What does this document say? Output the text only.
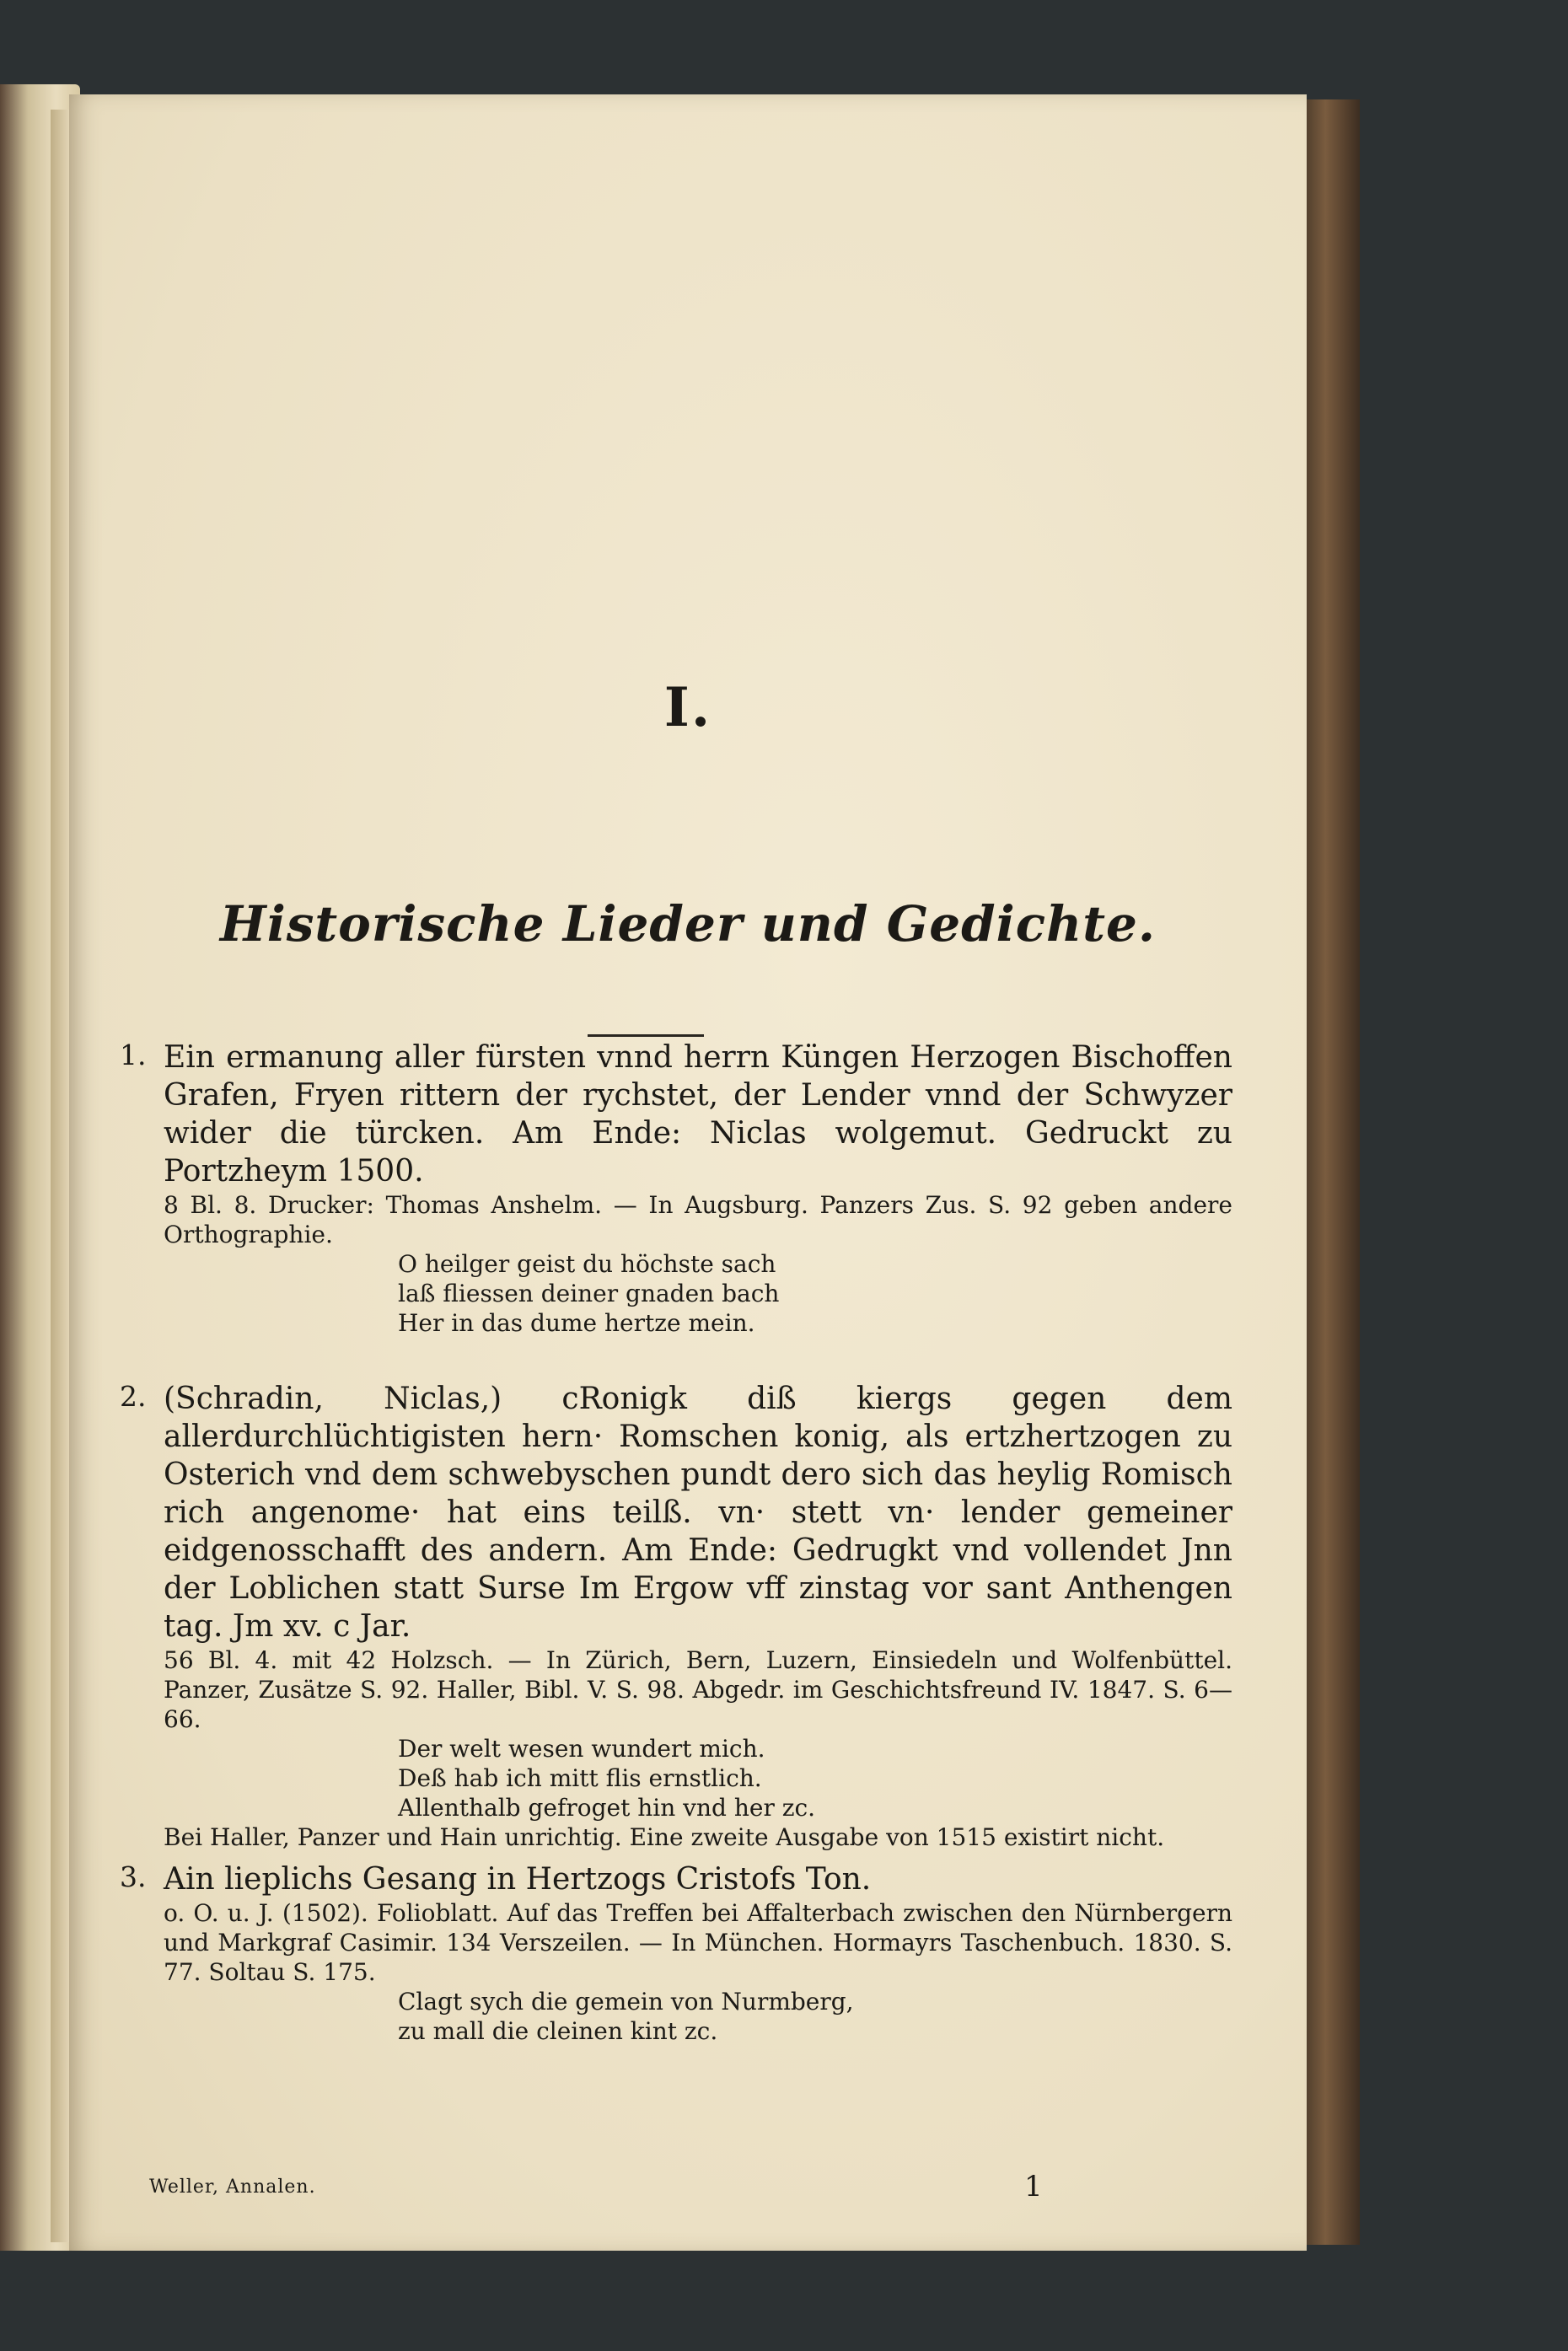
I.
Historische Lieder und Gedichte.
1. Ein ermanung aller fürsten vnnd herrn Küngen Herzogen Bischoffen Grafen, Fryen rittern der rychstet, der Lender vnnd der Schwyzer wider die türcken. Am Ende: Niclas wolgemut. Gedruckt zu Portzheym 1500.
8 Bl. 8. Drucker: Thomas Anshelm. — In Augsburg. Panzers Zus. S. 92 geben andere Orthographie.
O heilger geist du höchste sach
laß fliessen deiner gnaden bach
Her in das dume hertze mein.
2. (Schradin, Niclas,) cRonigk diß kiergs gegen dem allerdurchlüchtigisten hern· Romschen konig, als ertzhertzogen zu Osterich vnd dem schwebyschen pundt dero sich das heylig Romisch rich angenome· hat eins teilß. vn· stett vn· lender gemeiner eidgenosschafft des andern. Am Ende: Gedrugkt vnd vollendet Jnn der Loblichen statt Surse Im Ergow vff zinstag vor sant Anthengen tag. Jm xv. c Jar.
56 Bl. 4. mit 42 Holzsch. — In Zürich, Bern, Luzern, Einsiedeln und Wolfenbüttel. Panzer, Zusätze S. 92. Haller, Bibl. V. S. 98. Abgedr. im Geschichtsfreund IV. 1847. S. 6—66.
Der welt wesen wundert mich.
Deß hab ich mitt flis ernstlich.
Allenthalb gefroget hin vnd her zc.
Bei Haller, Panzer und Hain unrichtig. Eine zweite Ausgabe von 1515 existirt nicht.
3. Ain lieplichs Gesang in Hertzogs Cristofs Ton.
o. O. u. J. (1502). Folioblatt. Auf das Treffen bei Affalterbach zwischen den Nürnbergern und Markgraf Casimir. 134 Verszeilen. — In München. Hormayrs Taschenbuch. 1830. S. 77. Soltau S. 175.
Clagt sych die gemein von Nurmberg,
zu mall die cleinen kint zc.
Weller, Annalen.	1
